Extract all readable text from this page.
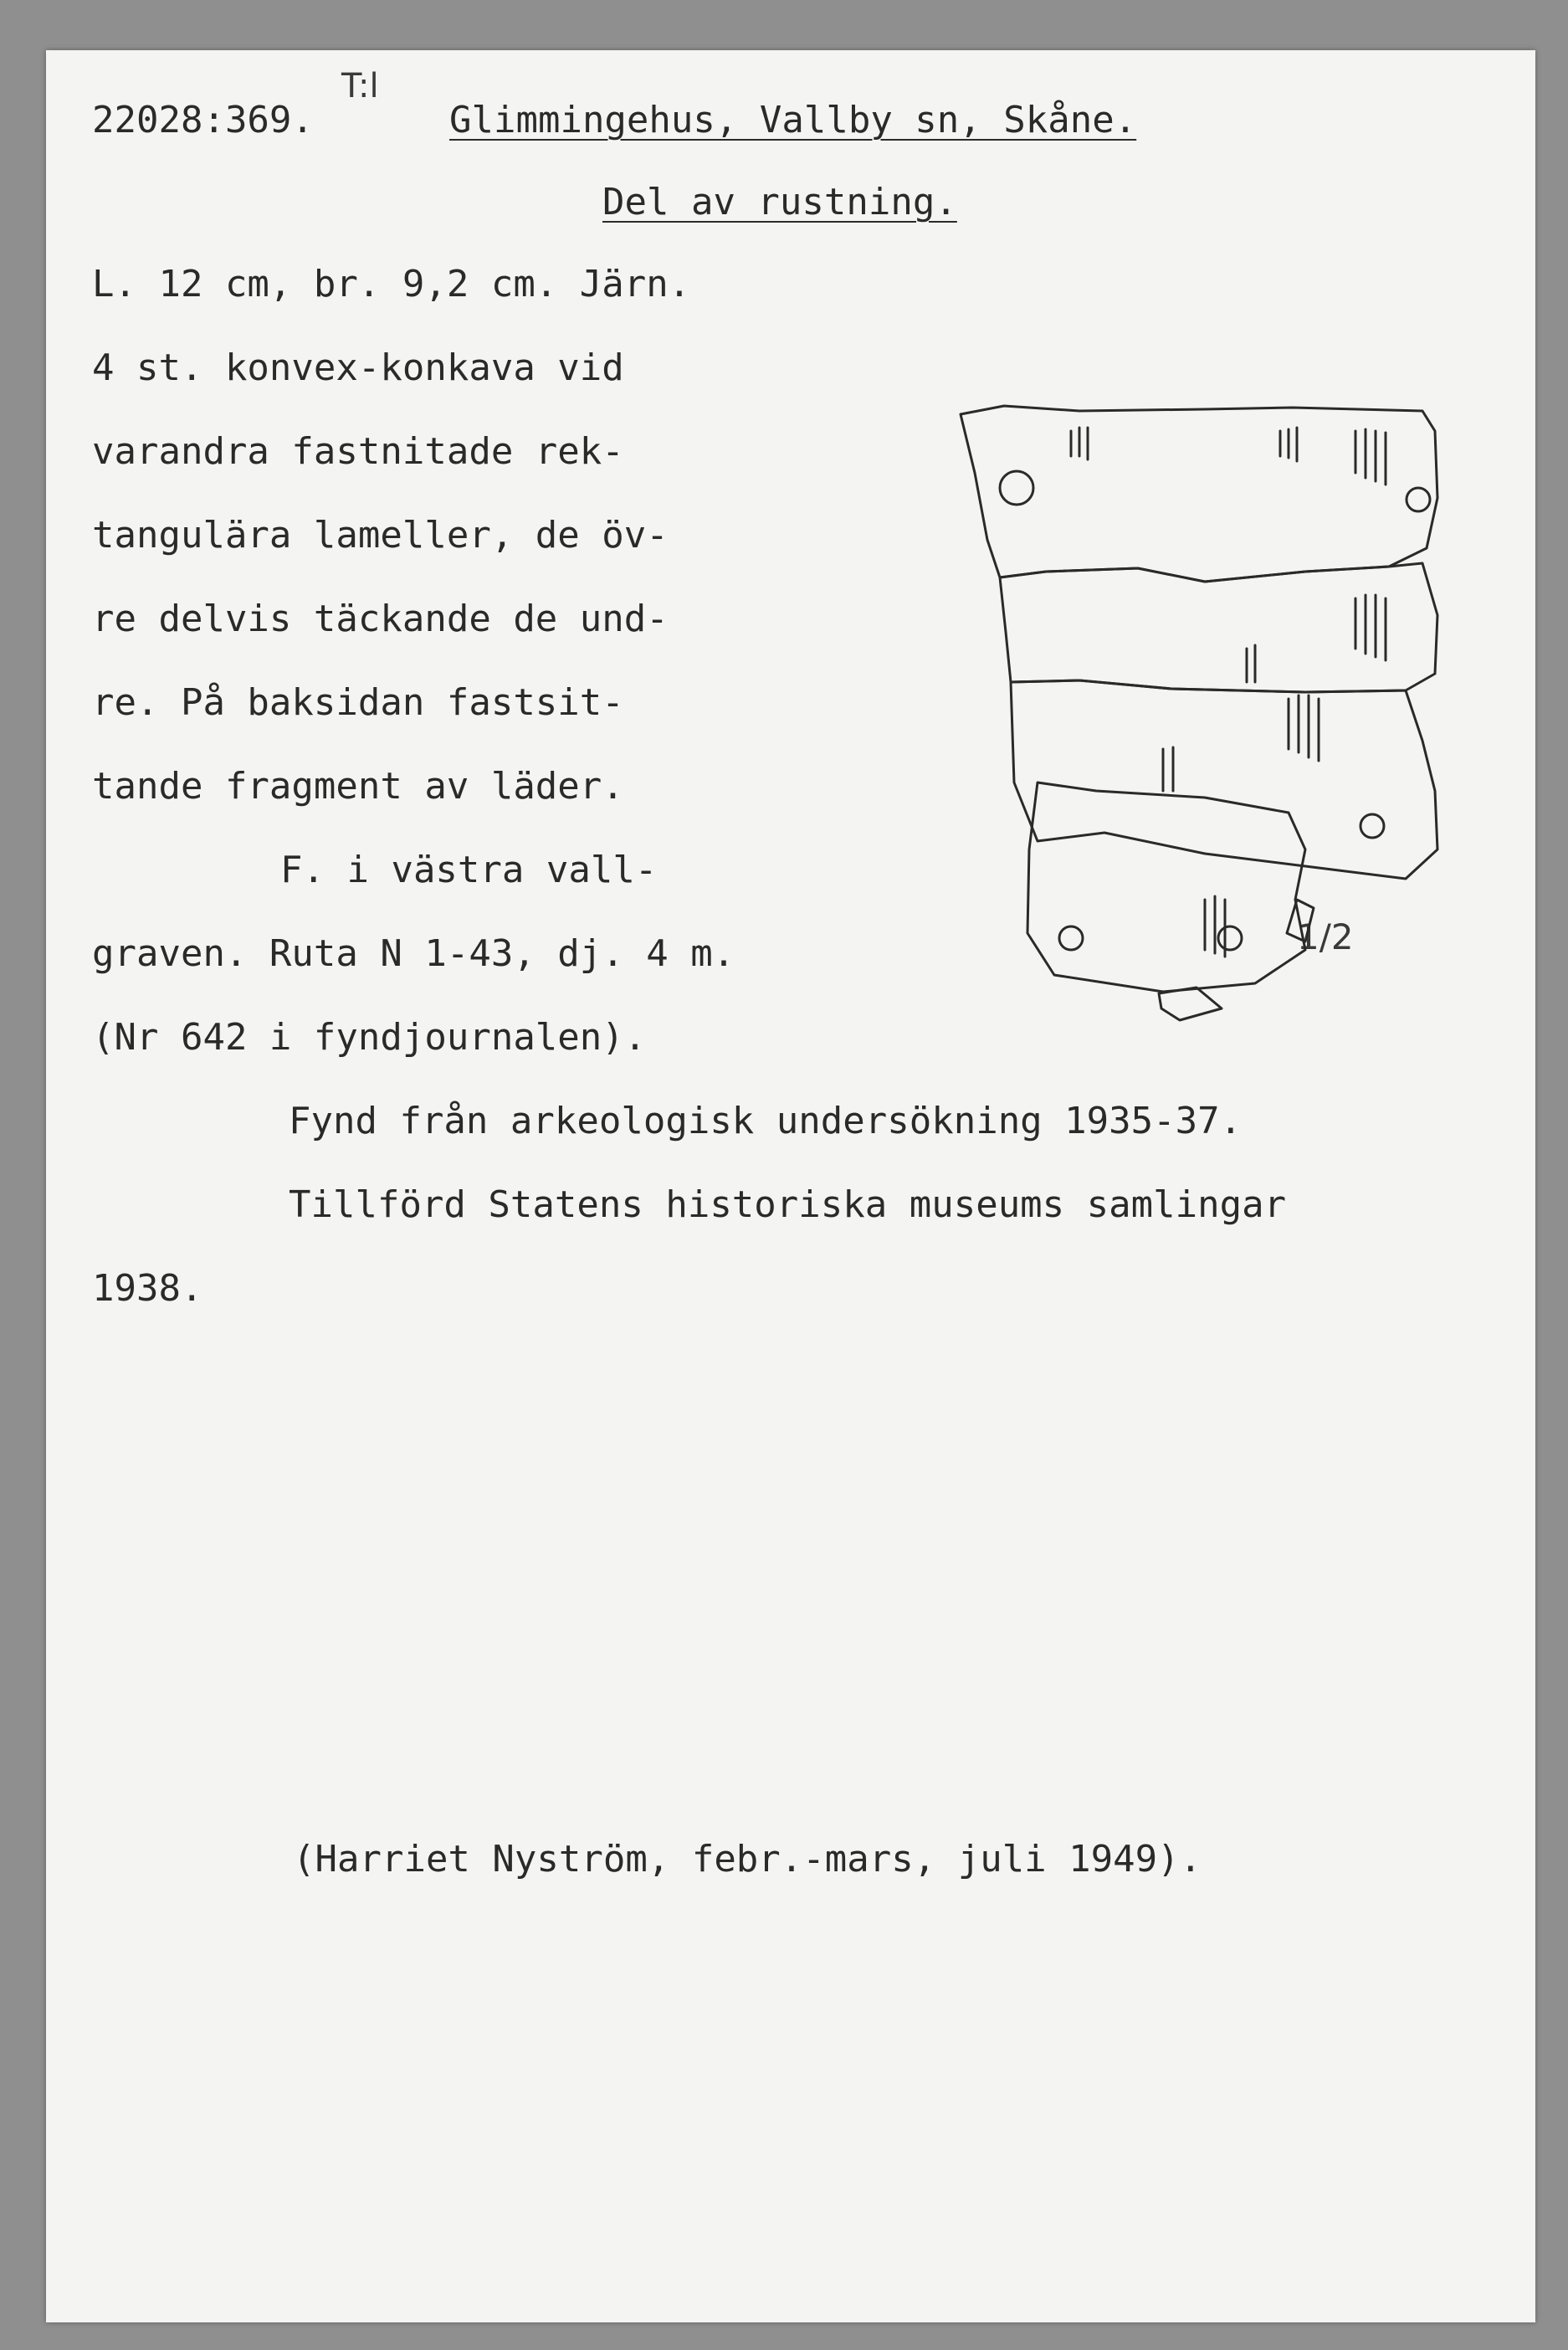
T:l
22028:369.	Glimmingehus, Vallby sn, Skåne.
Del av rustning.
L. 12 cm, br. 9,2 cm. Järn.
4 st. konvex-konkava vid
varandra fastnitade rek-
tangulära lameller, de öv-
re delvis täckande de und-
re. På baksidan fastsit-
tande fragment av läder.
F. i västra vall-
graven. Ruta N 1-43, dj. 4 m.
(Nr 642 i fyndjournalen).
Fynd från arkeologisk undersökning 1935-37.
Tillförd Statens historiska museums samlingar
1938.
(Harriet Nyström, febr.-mars, juli 1949).
1/2
